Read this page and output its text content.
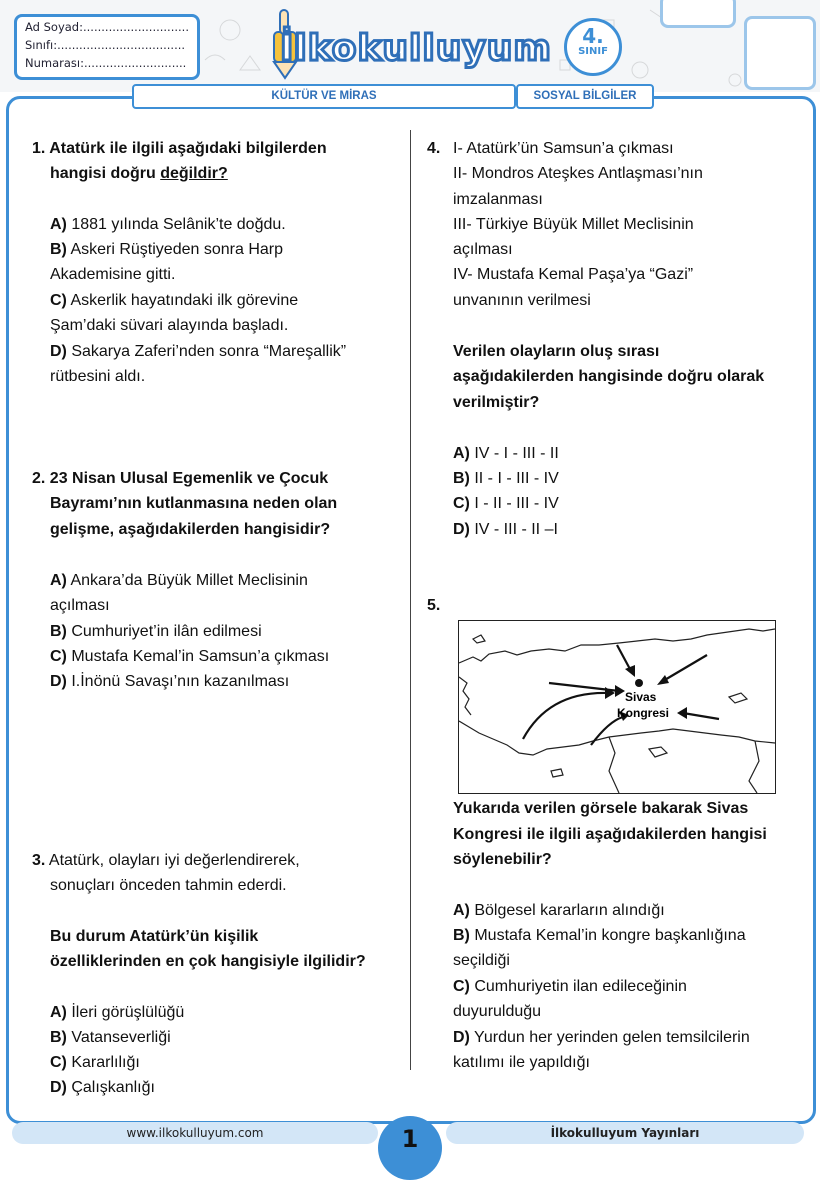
Ad Soyad:.............................
Sınıfı:...................................
Numarası:............................	İlkokulluyum	4.
SINIF
KÜLTÜR VE MİRAS	SOSYAL BİLGİLER
1. Atatürk ile ilgili aşağıdaki bilgilerden
hangisi doğru değildir?
A) 1881 yılında Selânik’te doğdu.
B) Askeri Rüştiyeden sonra Harp
Akademisine gitti.
C) Askerlik hayatındaki ilk görevine
Şam’daki süvari alayında başladı.
D) Sakarya Zaferi’nden sonra “Mareşallik”
rütbesini aldı.
2. 23 Nisan Ulusal Egemenlik ve Çocuk
Bayramı’nın kutlanmasına neden olan
gelişme, aşağıdakilerden hangisidir?
A) Ankara’da Büyük Millet Meclisinin
açılması
B) Cumhuriyet’in ilân edilmesi
C) Mustafa Kemal’in Samsun’a çıkması
D) I.İnönü Savaşı’nın kazanılması
3. Atatürk, olayları iyi değerlendirerek,
sonuçları önceden tahmin ederdi.
Bu durum Atatürk’ün kişilik
özelliklerinden en çok hangisiyle ilgilidir?
A) İleri görüşlülüğü
B) Vatanseverliği
C) Kararlılığı
D) Çalışkanlığı
4. I- Atatürk’ün Samsun’a çıkması
II- Mondros Ateşkes Antlaşması’nın
imzalanması
III- Türkiye Büyük Millet Meclisinin
açılması
IV- Mustafa Kemal Paşa’ya “Gazi”
unvanının verilmesi
Verilen olayların oluş sırası
aşağıdakilerden hangisinde doğru olarak
verilmiştir?
A) IV - I - III - II
B) II - I - III - IV
C) I - II - III - IV
D) IV - III - II –I
5.
Sivas
Kongresi
Yukarıda verilen görsele bakarak Sivas
Kongresi ile ilgili aşağıdakilerden hangisi
söylenebilir?
A) Bölgesel kararların alındığı
B) Mustafa Kemal’in kongre başkanlığına
seçildiği
C) Cumhuriyetin ilan edileceğinin
duyurulduğu
D) Yurdun her yerinden gelen temsilcilerin
katılımı ile yapıldığı
www.ilkokulluyum.com	İlkokulluyum Yayınları
1
